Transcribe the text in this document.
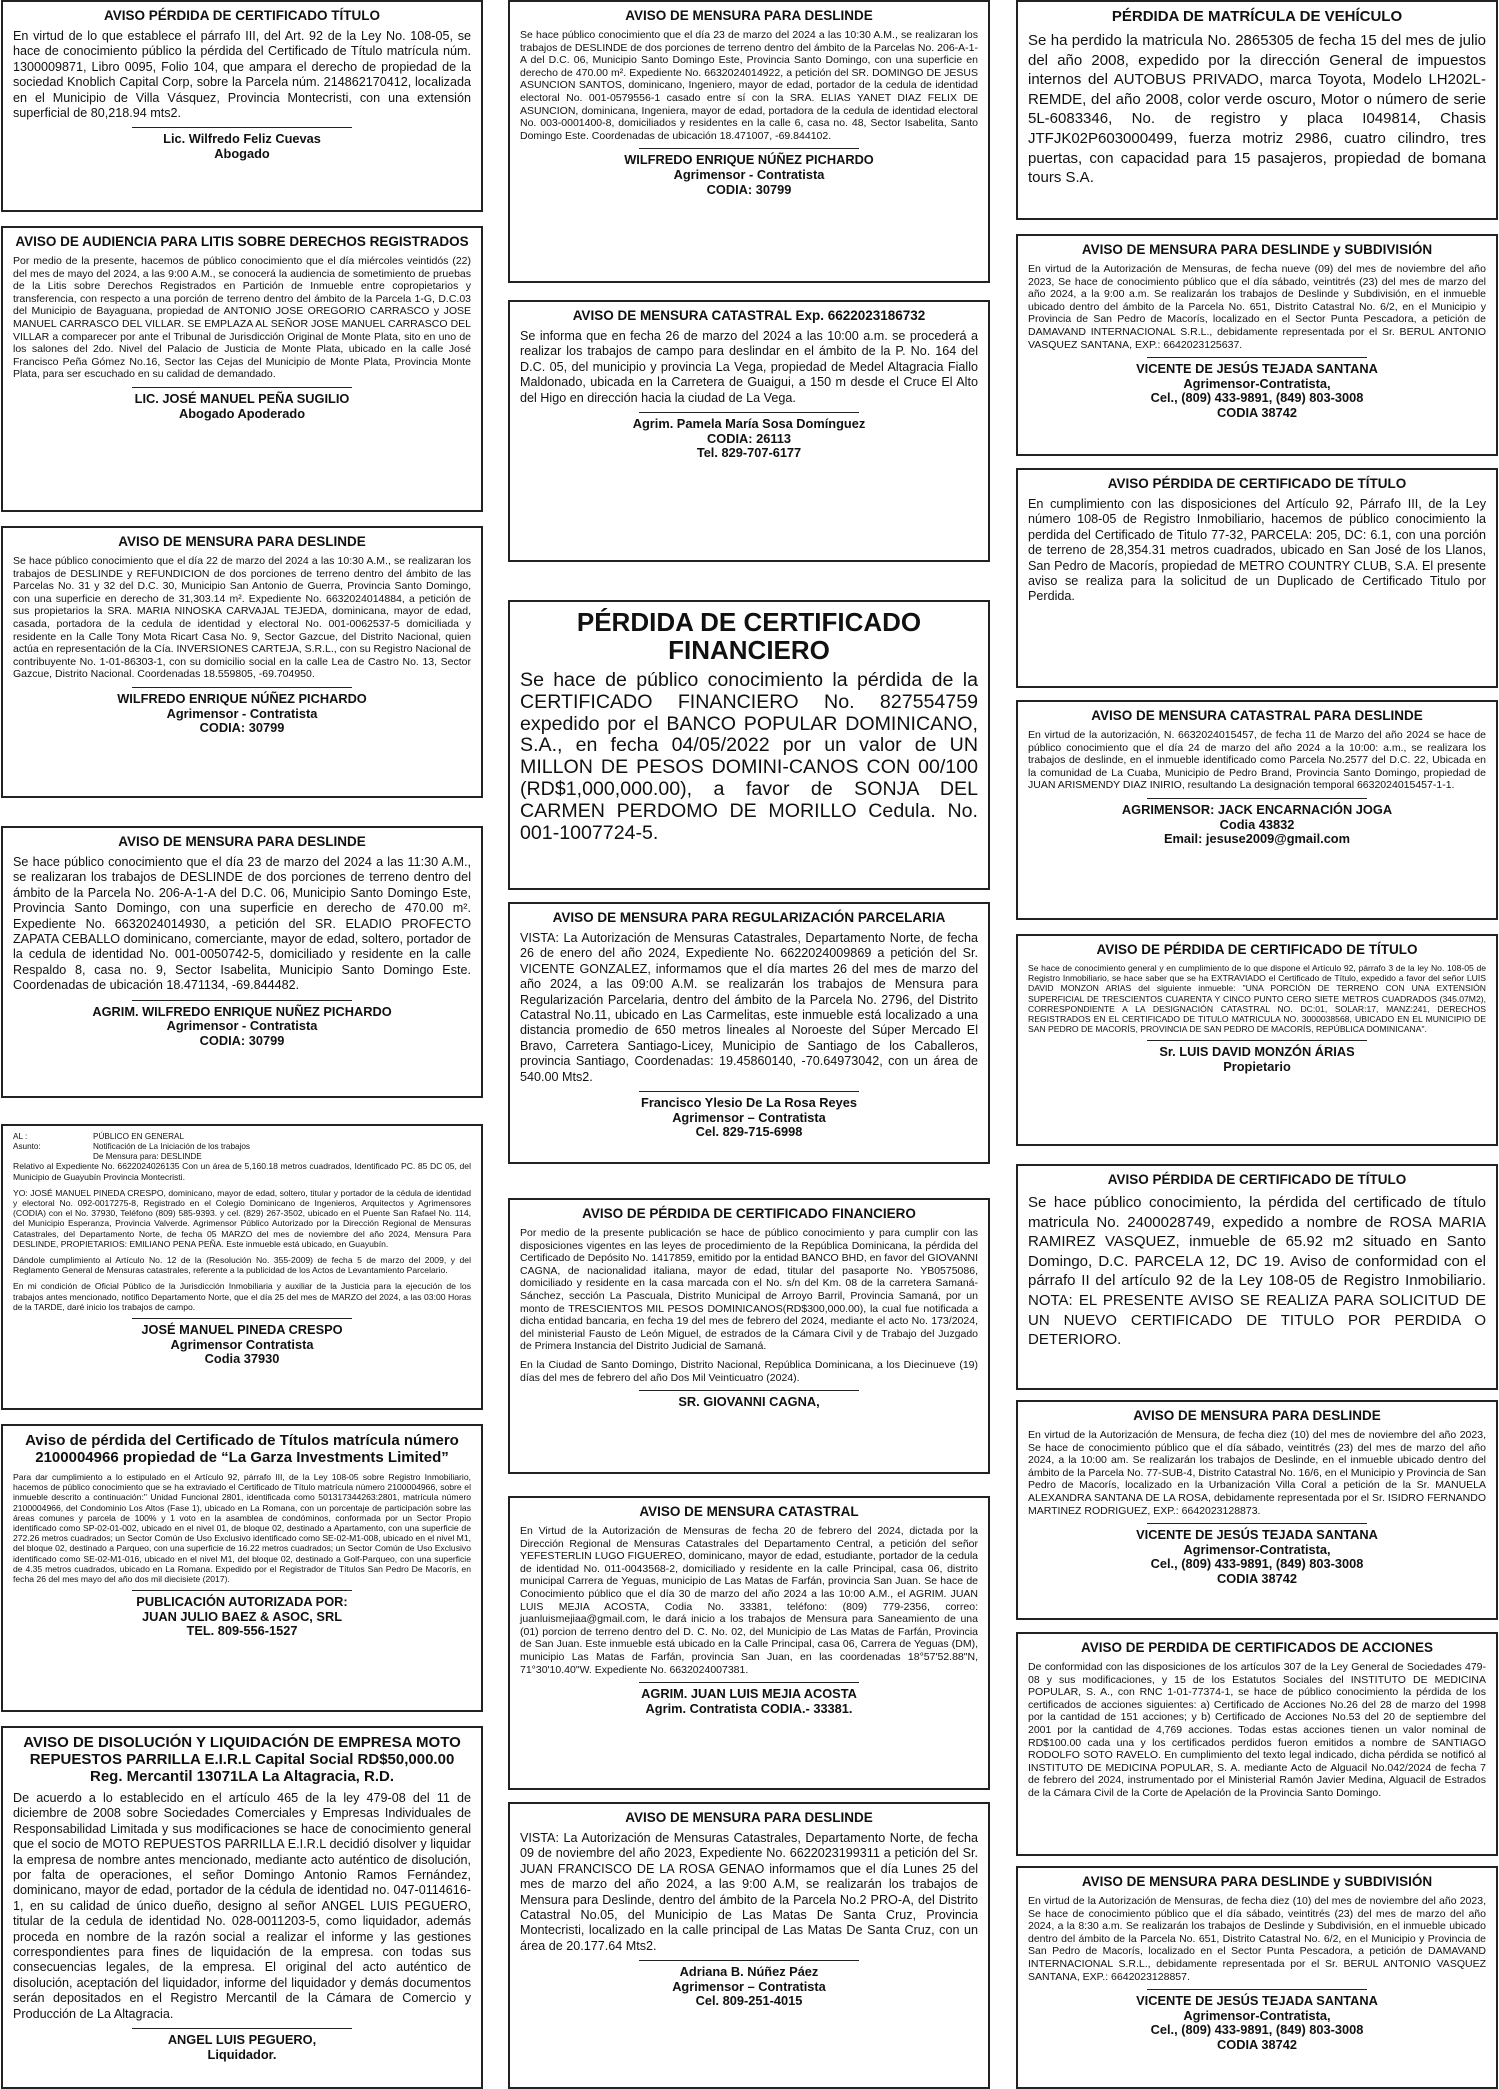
AVISO PÉRDIDA DE CERTIFICADO TÍTULO

En virtud de lo que establece el párrafo III, del Art. 92 de la Ley No. 108-05, se hace de conocimiento público la pérdida del Certificado de Título matrícula núm. 1300009871, Libro 0095, Folio 104, que ampara el derecho de propiedad de la sociedad Knoblich Capital Corp, sobre la Parcela núm. 214862170412, localizada en el Municipio de Villa Vásquez, Provincia Montecristi, con una extensión superficial de 80,218.94 mts2.

Lic. Wilfredo Feliz Cuevas
Abogado
AVISO DE AUDIENCIA PARA LITIS SOBRE DERECHOS REGISTRADOS

Por medio de la presente, hacemos de público conocimiento que el día miércoles veintidós (22) del mes de mayo del 2024, a las 9:00 A.M., se conocerá la audiencia de sometimiento de pruebas de la Litis sobre Derechos Registrados en Partición de Inmueble entre copropietarios y transferencia, con respecto a una porción de terreno dentro del ámbito de la Parcela 1-G, D.C.03 del Municipio de Bayaguana, propiedad de ANTONIO JOSE OREGORIO CARRASCO y JOSE MANUEL CARRASCO DEL VILLAR. SE EMPLAZA AL SEÑOR JOSE MANUEL CARRASCO DEL VILLAR a comparecer por ante el Tribunal de Jurisdicción Original de Monte Plata, sito en uno de los salones del 2do. Nivel del Palacio de Justicia de Monte Plata, ubicado en la calle José Francisco Peña Gómez No.16, Sector las Cejas del Municipio de Monte Plata, Provincia Monte Plata, para ser escuchado en su calidad de demandado.

LIC. JOSÉ MANUEL PEÑA SUGILIO
Abogado Apoderado
AVISO DE MENSURA PARA DESLINDE

Se hace público conocimiento que el día 22 de marzo del 2024 a las 10:30 A.M., se realizaran los trabajos de DESLINDE y REFUNDICION de dos porciones de terreno dentro del ámbito de las Parcelas No. 31 y 32 del D.C. 30, Municipio San Antonio de Guerra, Provincia Santo Domingo, con una superficie en derecho de 31,303.14 m². Expediente No. 6632024014884, a petición de sus propietarios la SRA. MARIA NINOSKA CARVAJAL TEJEDA, dominicana, mayor de edad, casada, portadora de la cedula de identidad y electoral No. 001-0062537-5 domiciliada y residente en la Calle Tony Mota Ricart Casa No. 9, Sector Gazcue, del Distrito Nacional, quien actúa en representación de la Cía. INVERSIONES CARTEJA, S.R.L., con su Registro Nacional de contribuyente No. 1-01-86303-1, con su domicilio social en la calle Lea de Castro No. 13, Sector Gazcue, Distrito Nacional. Coordenadas 18.559805, -69.704950.

WILFREDO ENRIQUE NÚÑEZ PICHARDO
Agrimensor - Contratista
CODIA: 30799
AVISO DE MENSURA PARA DESLINDE

Se hace público conocimiento que el día 23 de marzo del 2024 a las 11:30 A.M., se realizaran los trabajos de DESLINDE de dos porciones de terreno dentro del ámbito de la Parcela No. 206-A-1-A del D.C. 06, Municipio Santo Domingo Este, Provincia Santo Domingo, con una superficie en derecho de 470.00 m². Expediente No. 6632024014930, a petición del SR. ELADIO PROFECTO ZAPATA CEBALLO dominicano, comerciante, mayor de edad, soltero, portador de la cedula de identidad No. 001-0050742-5, domiciliado y residente en la calle Respaldo 8, casa no. 9, Sector Isabelita, Municipio Santo Domingo Este. Coordenadas de ubicación 18.471134, -69.844482.

AGRIM. WILFREDO ENRIQUE NUÑEZ PICHARDO
Agrimensor - Contratista
CODIA: 30799
AL :	PÚBLICO EN GENERAL
Asunto:	Notificación de La Iniciación de los trabajos
De Mensura para: DESLINDE

Relativo al Expediente No. 6622024026135 Con un área de 5,160.18 metros cuadrados, Identificado PC. 85 DC 05, del Municipio de Guayubín Provincia Montecristi.

YO: JOSÉ MANUEL PINEDA CRESPO, dominicano, mayor de edad, soltero, titular y portador de la cédula de identidad y electoral No. 092-0017275-8, Registrado en el Colegio Dominicano de Ingenieros, Arquitectos y Agrimensores (CODIA) con el No. 37930, Teléfono (809) 585-9393. y cel. (829) 267-3502, ubicado en el Puente San Rafael No. 114, del Municipio Esperanza, Provincia Valverde. Agrimensor Público Autorizado por la Dirección Regional de Mensuras Catastrales, del Departamento Norte, de fecha 05 MARZO del mes de noviembre del año 2024, Mensura Para DESLINDE, PROPIETARIOS: EMILIANO PENA PEÑA. Este inmueble está ubicado, en Guayubín.

Dándole cumplimiento al Artículo No. 12 de la (Resolución No. 355-2009) de fecha 5 de marzo del 2009, y del Reglamento General de Mensuras catastrales, referente a la publicidad de los Actos de Levantamiento Parcelario.

En mi condición de Oficial Público de la Jurisdicción Inmobiliaria y auxiliar de la Justicia para la ejecución de los trabajos antes mencionado, notifico Departamento Norte, que el día 25 del mes de MARZO del 2024, a las 03:00 Horas de la TARDE, daré inicio los trabajos de campo.

JOSÉ MANUEL PINEDA CRESPO
Agrimensor Contratista
Codia 37930
Aviso de pérdida del Certificado de Títulos matrícula número 2100004966 propiedad de “La Garza Investments Limited”

Para dar cumplimiento a lo estipulado en el Artículo 92, párrafo III, de la Ley 108-05 sobre Registro Inmobiliario, hacemos de público conocimiento que se ha extraviado el Certificado de Título matrícula número 2100004966, sobre el inmueble descrito a continuación:" Unidad Funcional 2801, identificada como 501317344263:2801, matrícula número 2100004966, del Condominio Los Altos (Fase 1), ubicado en La Romana, con un porcentaje de participación sobre las áreas comunes y parcela de 100% y 1 voto en la asamblea de condóminos, conformada por un Sector Propio identificado como SP-02-01-002, ubicado en el nivel 01, de bloque 02, destinado a Apartamento, con una superficie de 272.26 metros cuadrados; un Sector Común de Uso Exclusivo identificado como SE-02-M1-008, ubicado en el nivel M1, del bloque 02, destinado a Parqueo, con una superficie de 16.22 metros cuadrados; un Sector Común de Uso Exclusivo identificado como SE-02-M1-016, ubicado en el nivel M1, del bloque 02, destinado a Golf-Parqueo, con una superficie de 4.35 metros cuadrados, ubicado en La Romana. Expedido por el Registrador de Títulos San Pedro De Macorís, en fecha 26 del mes mayo del año dos mil diecisiete (2017).

PUBLICACIÓN AUTORIZADA POR:
JUAN JULIO BAEZ & ASOC, SRL
TEL. 809-556-1527
AVISO DE DISOLUCIÓN Y LIQUIDACIÓN DE EMPRESA MOTO REPUESTOS PARRILLA E.I.R.L Capital Social RD$50,000.00 Reg. Mercantil 13071LA La Altagracia, R.D.

De acuerdo a lo establecido en el artículo 465 de la ley 479-08 del 11 de diciembre de 2008 sobre Sociedades Comerciales y Empresas Individuales de Responsabilidad Limitada y sus modificaciones se hace de conocimiento general que el socio de MOTO REPUESTOS PARRILLA E.I.R.L decidió disolver y liquidar la empresa de nombre antes mencionado, mediante acto auténtico de disolución, por falta de operaciones, el señor Domingo Antonio Ramos Fernández, dominicano, mayor de edad, portador de la cédula de identidad no. 047-0114616-1, en su calidad de único dueño, designo al señor ANGEL LUIS PEGUERO, titular de la cedula de identidad No. 028-0011203-5, como liquidador, además proceda en nombre de la razón social a realizar el informe y las gestiones correspondientes para fines de liquidación de la empresa. con todas sus consecuencias legales, de la empresa. El original del acto auténtico de disolución, aceptación del liquidador, informe del liquidador y demás documentos serán depositados en el Registro Mercantil de la Cámara de Comercio y Producción de La Altagracia.

ANGEL LUIS PEGUERO,
Liquidador.
AVISO DE MENSURA PARA DESLINDE

Se hace público conocimiento que el día 23 de marzo del 2024 a las 10:30 A.M., se realizaran los trabajos de DESLINDE de dos porciones de terreno dentro del ámbito de la Parcelas No. 206-A-1-A del D.C. 06, Municipio Santo Domingo Este, Provincia Santo Domingo, con una superficie en derecho de 470.00 m². Expediente No. 6632024014922, a petición del SR. DOMINGO DE JESUS ASUNCION SANTOS, dominicano, Ingeniero, mayor de edad, portador de la cedula de identidad electoral No. 001-0579556-1 casado entre sí con la SRA. ELIAS YANET DIAZ FELIX DE ASUNCION, dominicana, Ingeniera, mayor de edad, portadora de la cedula de identidad electoral No. 003-0001400-8, domiciliados y residentes en la calle 6, casa no. 48, Sector Isabelita, Santo Domingo Este. Coordenadas de ubicación 18.471007, -69.844102.

WILFREDO ENRIQUE NÚÑEZ PICHARDO
Agrimensor - Contratista
CODIA: 30799
AVISO DE MENSURA CATASTRAL Exp. 6622023186732

Se informa que en fecha 26 de marzo del 2024 a las 10:00 a.m. se procederá a realizar los trabajos de campo para deslindar en el ámbito de la P. No. 164 del D.C. 05, del municipio y provincia La Vega, propiedad de Medel Altagracia Fiallo Maldonado, ubicada en la Carretera de Guaigui, a 150 m desde el Cruce El Alto del Higo en dirección hacia la ciudad de La Vega.

Agrim. Pamela María Sosa Domínguez
CODIA: 26113
Tel. 829-707-6177
PÉRDIDA DE CERTIFICADO FINANCIERO

Se hace de público conocimiento la pérdida de la CERTIFICADO FINANCIERO No. 827554759 expedido por el BANCO POPULAR DOMINICANO, S.A., en fecha 04/05/2022 por un valor de UN MILLON DE PESOS DOMINI-CANOS CON 00/100 (RD$1,000,000.00), a favor de SONJA DEL CARMEN PERDOMO DE MORILLO Cedula. No. 001-1007724-5.

AVISO DE MENSURA PARA REGULARIZACIÓN PARCELARIA

VISTA: La Autorización de Mensuras Catastrales, Departamento Norte, de fecha 26 de enero del año 2024, Expediente No. 6622024009869 a petición del Sr. VICENTE GONZALEZ, informamos que el día martes 26 del mes de marzo del año 2024, a las 09:00 A.M. se realizarán los trabajos de Mensura para Regularización Parcelaria, dentro del ámbito de la Parcela No. 2796, del Distrito Catastral No.11, ubicado en Las Carmelitas, este inmueble está localizado a una distancia promedio de 650 metros lineales al Noroeste del Súper Mercado El Bravo, Carretera Santiago-Licey, Municipio de Santiago de los Caballeros, provincia Santiago, Coordenadas: 19.45860140, -70.64973042, con un área de 540.00 Mts2.

Francisco Ylesio De La Rosa Reyes
Agrimensor – Contratista
Cel. 829-715-6998
AVISO DE PÉRDIDA DE CERTIFICADO FINANCIERO

Por medio de la presente publicación se hace de público conocimiento y para cumplir con las disposiciones vigentes en las leyes de procedimiento de la República Dominicana, la pérdida del Certificado de Depósito No. 1417859, emitido por la entidad BANCO BHD, en favor del GIOVANNI CAGNA, de nacionalidad italiana, mayor de edad, titular del pasaporte No. YB0575086, domiciliado y residente en la casa marcada con el No. s/n del Km. 08 de la carretera Samaná-Sánchez, sección La Pascuala, Distrito Municipal de Arroyo Barril, Provincia Samaná, por un monto de TRESCIENTOS MIL PESOS DOMINICANOS(RD$300,000.00), la cual fue notificada a dicha entidad bancaria, en fecha 19 del mes de febrero del 2024, mediante el acto No. 173/2024, del ministerial Fausto de León Miguel, de estrados de la Cámara Civil y de Trabajo del Juzgado de Primera Instancia del Distrito Judicial de Samaná.

En la Ciudad de Santo Domingo, Distrito Nacional, República Dominicana, a los Diecinueve (19) días del mes de febrero del año Dos Mil Veinticuatro (2024).

SR. GIOVANNI CAGNA,
AVISO DE MENSURA CATASTRAL

En Virtud de la Autorización de Mensuras de fecha 20 de febrero del 2024, dictada por la Dirección Regional de Mensuras Catastrales del Departamento Central, a petición del señor YEFESTERLIN LUGO FIGUEREO, dominicano, mayor de edad, estudiante, portador de la cedula de identidad No. 011-0043568-2, domiciliado y residente en la calle Principal, casa 06, distrito municipal Carrera de Yeguas, municipio de Las Matas de Farfán, provincia San Juan. Se hace de Conocimiento público que el día 30 de marzo del año 2024 a las 10:00 A.M., el AGRIM. JUAN LUIS MEJIA ACOSTA, Codia No. 33381, teléfono: (809) 779-2356, correo: juanluismejiaa@gmail.com, le dará inicio a los trabajos de Mensura para Saneamiento de una (01) porcion de terreno dentro del D. C. No. 02, del Municipio de Las Matas de Farfán, Provincia de San Juan. Este inmueble está ubicado en la Calle Principal, casa 06, Carrera de Yeguas (DM), municipio Las Matas de Farfán, provincia San Juan, en las coordenadas 18°57'52.88"N, 71°30'10.40"W. Expediente No. 6632024007381.

AGRIM. JUAN LUIS MEJIA ACOSTA
Agrim. Contratista CODIA.- 33381.
AVISO DE MENSURA PARA DESLINDE

VISTA: La Autorización de Mensuras Catastrales, Departamento Norte, de fecha 09 de noviembre del año 2023, Expediente No. 6622023199311 a petición del Sr. JUAN FRANCISCO DE LA ROSA GENAO informamos que el día Lunes 25 del mes de marzo del año 2024, a las 9:00 A.M, se realizarán los trabajos de Mensura para Deslinde, dentro del ámbito de la Parcela No.2 PRO-A, del Distrito Catastral No.05, del Municipio de Las Matas De Santa Cruz, Provincia Montecristi, localizado en la calle principal de Las Matas De Santa Cruz, con un área de 20.177.64 Mts2.

Adriana B. Núñez Páez
Agrimensor – Contratista
Cel. 809-251-4015
PÉRDIDA DE MATRÍCULA DE VEHÍCULO

Se ha perdido la matricula No. 2865305 de fecha 15 del mes de julio del año 2008, expedido por la dirección General de impuestos internos del AUTOBUS PRIVADO, marca Toyota, Modelo LH202L-REMDE, del año 2008, color verde oscuro, Motor o número de serie 5L-6083346, No. de registro y placa I049814, Chasis JTFJK02P603000499, fuerza motriz 2986, cuatro cilindro, tres puertas, con capacidad para 15 pasajeros, propiedad de bomana tours S.A.

AVISO DE MENSURA PARA DESLINDE y SUBDIVISIÓN

En virtud de la Autorización de Mensuras, de fecha nueve (09) del mes de noviembre del año 2023, Se hace de conocimiento público que el día sábado, veintitrés (23) del mes de marzo del año 2024, a la 9:00 a.m. Se realizarán los trabajos de Deslinde y Subdivisión, en el inmueble ubicado dentro del ámbito de la Parcela No. 651, Distrito Catastral No. 6/2, en el Municipio y Provincia de San Pedro de Macorís, localizado en el Sector Punta Pescadora, a petición de DAMAVAND INTERNACIONAL S.R.L., debidamente representada por el Sr. BERUL ANTONIO VASQUEZ SANTANA, EXP.: 6642023125637.

VICENTE DE JESÚS TEJADA SANTANA
Agrimensor-Contratista,
Cel., (809) 433-9891, (849) 803-3008
CODIA 38742
AVISO PÉRDIDA DE CERTIFICADO DE TÍTULO

En cumplimiento con las disposiciones del Artículo 92, Párrafo III, de la Ley número 108-05 de Registro Inmobiliario, hacemos de público conocimiento la perdida del Certificado de Titulo 77-32, PARCELA: 205, DC: 6.1, con una porción de terreno de 28,354.31 metros cuadrados, ubicado en San José de los Llanos, San Pedro de Macorís, propiedad de METRO COUNTRY CLUB, S.A. El presente aviso se realiza para la solicitud de un Duplicado de Certificado Titulo por Perdida.

AVISO DE MENSURA CATASTRAL PARA DESLINDE

En virtud de la autorización, N. 6632024015457, de fecha 11 de Marzo del año 2024 se hace de público conocimiento que el día 24 de marzo del año 2024 a la 10:00: a.m., se realizara los trabajos de deslinde, en el inmueble identificado como Parcela No.2577 del D.C. 22, Ubicada en la comunidad de La Cuaba, Municipio de Pedro Brand, Provincia Santo Domingo, propiedad de JUAN ARISMENDY DIAZ INIRIO, resultando La designación temporal 6632024015457-1-1.

AGRIMENSOR: JACK ENCARNACIÓN JOGA
Codia 43832
Email: jesuse2009@gmail.com
AVISO DE PÉRDIDA DE CERTIFICADO DE TÍTULO

Se hace de conocimiento general y en cumplimiento de lo que dispone el Artículo 92, párrafo 3 de la ley No. 108-05 de Registro Inmobiliario, se hace saber que se ha EXTRAVIADO el Certificado de Título, expedido a favor del señor LUIS DAVID MONZON ARIAS del siguiente inmueble: "UNA PORCIÓN DE TERRENO CON UNA EXTENSIÓN SUPERFICIAL DE TRESCIENTOS CUARENTA Y CINCO PUNTO CERO SIETE METROS CUADRADOS (345.07M2), CORRESPONDIENTE A LA DESIGNACIÓN CATASTRAL NO. DC:01, SOLAR:17, MANZ:241, DERECHOS REGISTRADOS EN EL CERTIFICADO DE TITULO MATRICULA NO. 3000038568, UBICADO EN EL MUNICIPIO DE SAN PEDRO DE MACORÍS, PROVINCIA DE SAN PEDRO DE MACORÍS, REPÚBLICA DOMINICANA".

Sr. LUIS DAVID MONZÓN ÁRIAS
Propietario
AVISO PÉRDIDA DE CERTIFICADO DE TÍTULO

Se hace público conocimiento, la pérdida del certificado de título matricula No. 2400028749, expedido a nombre de ROSA MARIA RAMIREZ VASQUEZ, inmueble de 65.92 m2 situado en Santo Domingo, D.C. PARCELA 12, DC 19. Aviso de conformidad con el párrafo II del artículo 92 de la Ley 108-05 de Registro Inmobiliario. NOTA: EL PRESENTE AVISO SE REALIZA PARA SOLICITUD DE UN NUEVO CERTIFICADO DE TITULO POR PERDIDA O DETERIORO.

AVISO DE MENSURA PARA DESLINDE

En virtud de la Autorización de Mensura, de fecha diez (10) del mes de noviembre del año 2023, Se hace de conocimiento público que el día sábado, veintitrés (23) del mes de marzo del año 2024, a la 10:00 am. Se realizarán los trabajos de Deslinde, en el inmueble ubicado dentro del ámbito de la Parcela No. 77-SUB-4, Distrito Catastral No. 16/6, en el Municipio y Provincia de San Pedro de Macorís, localizado en la Urbanización Villa Coral a petición de la Sr. MANUELA ALEXANDRA SANTANA DE LA ROSA, debidamente representada por el Sr. ISIDRO FERNANDO MARTINEZ RODRIGUEZ, EXP.: 6642023128873.

VICENTE DE JESÚS TEJADA SANTANA
Agrimensor-Contratista,
Cel., (809) 433-9891, (849) 803-3008
CODIA 38742
AVISO DE PERDIDA DE CERTIFICADOS DE ACCIONES

De conformidad con las disposiciones de los artículos 307 de la Ley General de Sociedades 479-08 y sus modificaciones, y 15 de los Estatutos Sociales del INSTITUTO DE MEDICINA POPULAR, S. A., con RNC 1-01-77374-1, se hace de público conocimiento la pérdida de los certificados de acciones siguientes: a) Certificado de Acciones No.26 del 28 de marzo del 1998 por la cantidad de 151 acciones; y b) Certificado de Acciones No.53 del 20 de septiembre del 2001 por la cantidad de 4,769 acciones. Todas estas acciones tienen un valor nominal de RD$100.00 cada una y los certificados perdidos fueron emitidos a nombre de SANTIAGO RODOLFO SOTO RAVELO. En cumplimiento del texto legal indicado, dicha pérdida se notificó al INSTITUTO DE MEDICINA POPULAR, S. A. mediante Acto de Alguacil No.042/2024 de fecha 7 de febrero del 2024, instrumentado por el Ministerial Ramón Javier Medina, Alguacil de Estrados de la Cámara Civil de la Corte de Apelación de la Provincia Santo Domingo.

AVISO DE MENSURA PARA DESLINDE y SUBDIVISIÓN

En virtud de la Autorización de Mensuras, de fecha diez (10) del mes de noviembre del año 2023, Se hace de conocimiento público que el día sábado, veintitrés (23) del mes de marzo del año 2024, a la 8:30 a.m. Se realizarán los trabajos de Deslinde y Subdivisión, en el inmueble ubicado dentro del ámbito de la Parcela No. 651, Distrito Catastral No. 6/2, en el Municipio y Provincia de San Pedro de Macorís, localizado en el Sector Punta Pescadora, a petición de DAMAVAND INTERNACIONAL S.R.L., debidamente representada por el Sr. BERUL ANTONIO VASQUEZ SANTANA, EXP.: 6642023128857.

VICENTE DE JESÚS TEJADA SANTANA
Agrimensor-Contratista,
Cel., (809) 433-9891, (849) 803-3008
CODIA 38742
